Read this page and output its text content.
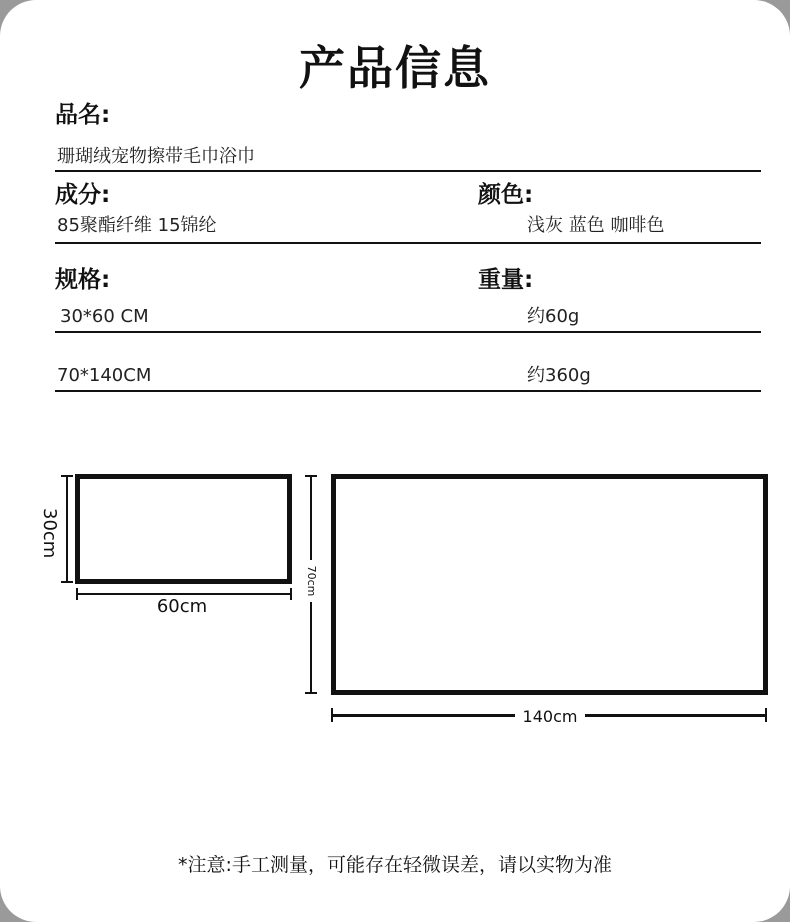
产品信息
品名:
珊瑚绒宠物擦带毛巾浴巾
成分:
85聚酯纤维 15锦纶
颜色:
浅灰 蓝色 咖啡色
规格:	重量:
30*60 CM	约60g
70*140CM	约360g
30cm
60cm
70cm
140cm
*注意:手工测量，可能存在轻微误差，请以实物为准
